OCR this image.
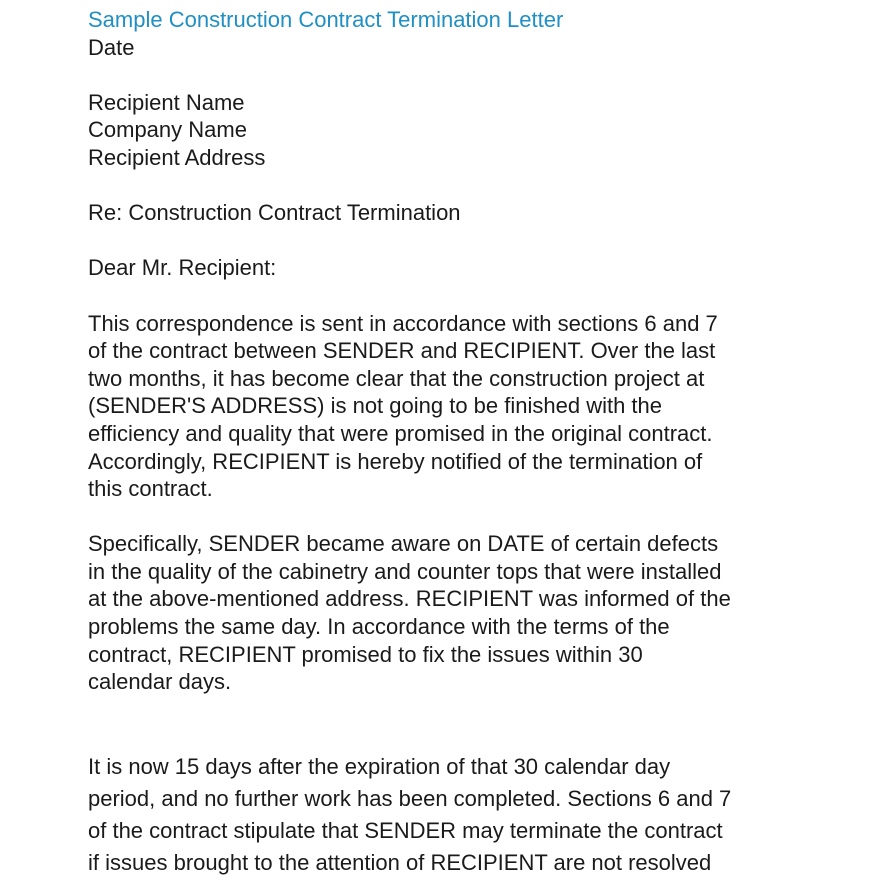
Sample Construction Contract Termination Letter

Date

Recipient Name

Company Name

Recipient Address

Re: Construction Contract Termination

Dear Mr. Recipient:

This correspondence is sent in accordance with sections 6 and 7
of the contract between SENDER and RECIPIENT. Over the last
two months, it has become clear that the construction project at
(SENDER'S ADDRESS) is not going to be finished with the
efficiency and quality that were promised in the original contract.
Accordingly, RECIPIENT is hereby notified of the termination of
this contract.
Specifically, SENDER became aware on DATE of certain defects
in the quality of the cabinetry and counter tops that were installed
at the above-mentioned address. RECIPIENT was informed of the
problems the same day. In accordance with the terms of the
contract, RECIPIENT promised to fix the issues within 30
calendar days.
It is now 15 days after the expiration of that 30 calendar day
period, and no further work has been completed. Sections 6 and 7
of the contract stipulate that SENDER may terminate the contract
if issues brought to the attention of RECIPIENT are not resolved
